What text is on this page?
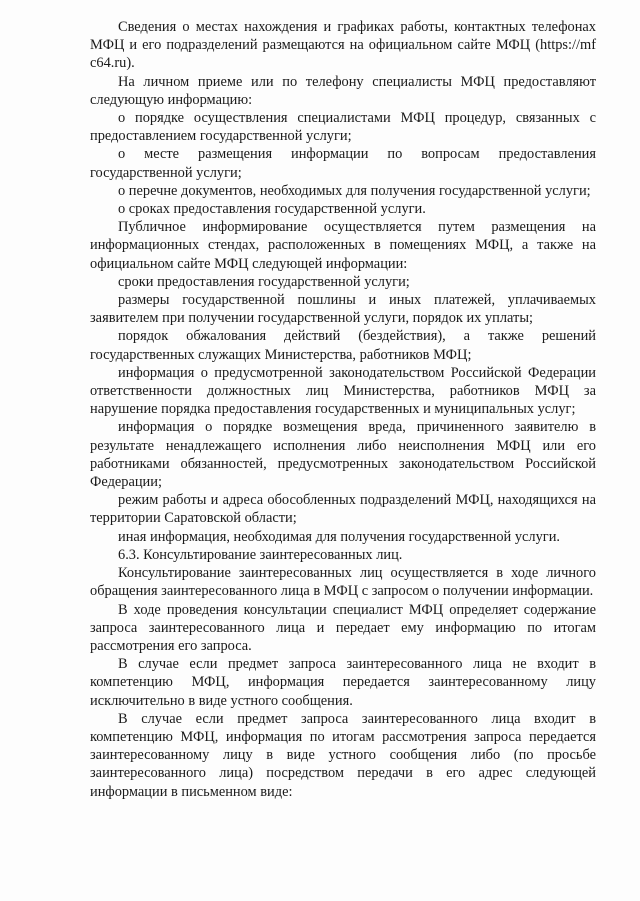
Сведения о местах нахождения и графиках работы, контактных телефонах МФЦ и его подразделений размещаются на официальном сайте МФЦ (https://mf с64.ru).

На личном приеме или по телефону специалисты МФЦ предоставляют следующую информацию:

о порядке осуществления специалистами МФЦ процедур, связанных с предоставлением государственной услуги;

о месте размещения информации по вопросам предоставления государственной услуги;

о перечне документов, необходимых для получения государственной услуги;

о сроках предоставления государственной услуги.

Публичное информирование осуществляется путем размещения на информационных стендах, расположенных в помещениях МФЦ, а также на официальном сайте МФЦ следующей информации:

сроки предоставления государственной услуги;

размеры государственной пошлины и иных платежей, уплачиваемых заявителем при получении государственной услуги, порядок их уплаты;

порядок обжалования действий (бездействия), а также решений государственных служащих Министерства, работников МФЦ;

информация о предусмотренной законодательством Российской Федерации ответственности должностных лиц Министерства, работников МФЦ за нарушение порядка предоставления государственных и муниципальных услуг;

информация о порядке возмещения вреда, причиненного заявителю в результате ненадлежащего исполнения либо неисполнения МФЦ или его работниками обязанностей, предусмотренных законодательством Российской Федерации;

режим работы и адреса обособленных подразделений МФЦ, находящихся на территории Саратовской области;

иная информация, необходимая для получения государственной услуги.

6.3. Консультирование заинтересованных лиц.

Консультирование заинтересованных лиц осуществляется в ходе личного обращения заинтересованного лица в МФЦ с запросом о получении информации.

В ходе проведения консультации специалист МФЦ определяет содержание запроса заинтересованного лица и передает ему информацию по итогам рассмотрения его запроса.

В случае если предмет запроса заинтересованного лица не входит в компетенцию МФЦ, информация передается заинтересованному лицу исключительно в виде устного сообщения.

В случае если предмет запроса заинтересованного лица входит в компетенцию МФЦ, информация по итогам рассмотрения запроса передается заинтересованному лицу в виде устного сообщения либо (по просьбе заинтересованного лица) посредством передачи в его адрес следующей информации в письменном виде:
